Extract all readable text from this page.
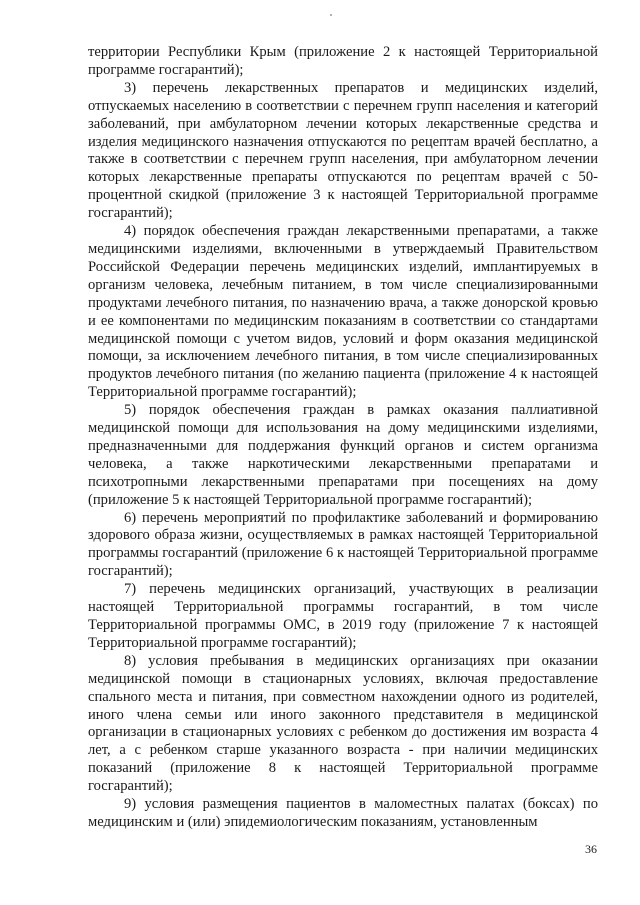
территории Республики Крым (приложение 2 к настоящей Территориальной программе госгарантий);

3) перечень лекарственных препаратов и медицинских изделий, отпускаемых населению в соответствии с перечнем групп населения и категорий заболеваний, при амбулаторном лечении которых лекарственные средства и изделия медицинского назначения отпускаются по рецептам врачей бесплатно, а также в соответствии с перечнем групп населения, при амбулаторном лечении которых лекарственные препараты отпускаются по рецептам врачей с 50-процентной скидкой (приложение 3 к настоящей Территориальной программе госгарантий);

4) порядок обеспечения граждан лекарственными препаратами, а также медицинскими изделиями, включенными в утверждаемый Правительством Российской Федерации перечень медицинских изделий, имплантируемых в организм человека, лечебным питанием, в том числе специализированными продуктами лечебного питания, по назначению врача, а также донорской кровью и ее компонентами по медицинским показаниям в соответствии со стандартами медицинской помощи с учетом видов, условий и форм оказания медицинской помощи, за исключением лечебного питания, в том числе специализированных продуктов лечебного питания (по желанию пациента (приложение 4 к настоящей Территориальной программе госгарантий);

5) порядок обеспечения граждан в рамках оказания паллиативной медицинской помощи для использования на дому медицинскими изделиями, предназначенными для поддержания функций органов и систем организма человека, а также наркотическими лекарственными препаратами и психотропными лекарственными препаратами при посещениях на дому (приложение 5 к настоящей Территориальной программе госгарантий);

6) перечень мероприятий по профилактике заболеваний и формированию здорового образа жизни, осуществляемых в рамках настоящей Территориальной программы госгарантий (приложение 6 к настоящей Территориальной программе госгарантий);

7) перечень медицинских организаций, участвующих в реализации настоящей Территориальной программы госгарантий, в том числе Территориальной программы ОМС, в 2019 году (приложение 7 к настоящей Территориальной программе госгарантий);

8) условия пребывания в медицинских организациях при оказании медицинской помощи в стационарных условиях, включая предоставление спального места и питания, при совместном нахождении одного из родителей, иного члена семьи или иного законного представителя в медицинской организации в стационарных условиях с ребенком до достижения им возраста 4 лет, а с ребенком старше указанного возраста - при наличии медицинских показаний (приложение 8 к настоящей Территориальной программе госгарантий);

9) условия размещения пациентов в маломестных палатах (боксах) по медицинским и (или) эпидемиологическим показаниям, установленным

36
